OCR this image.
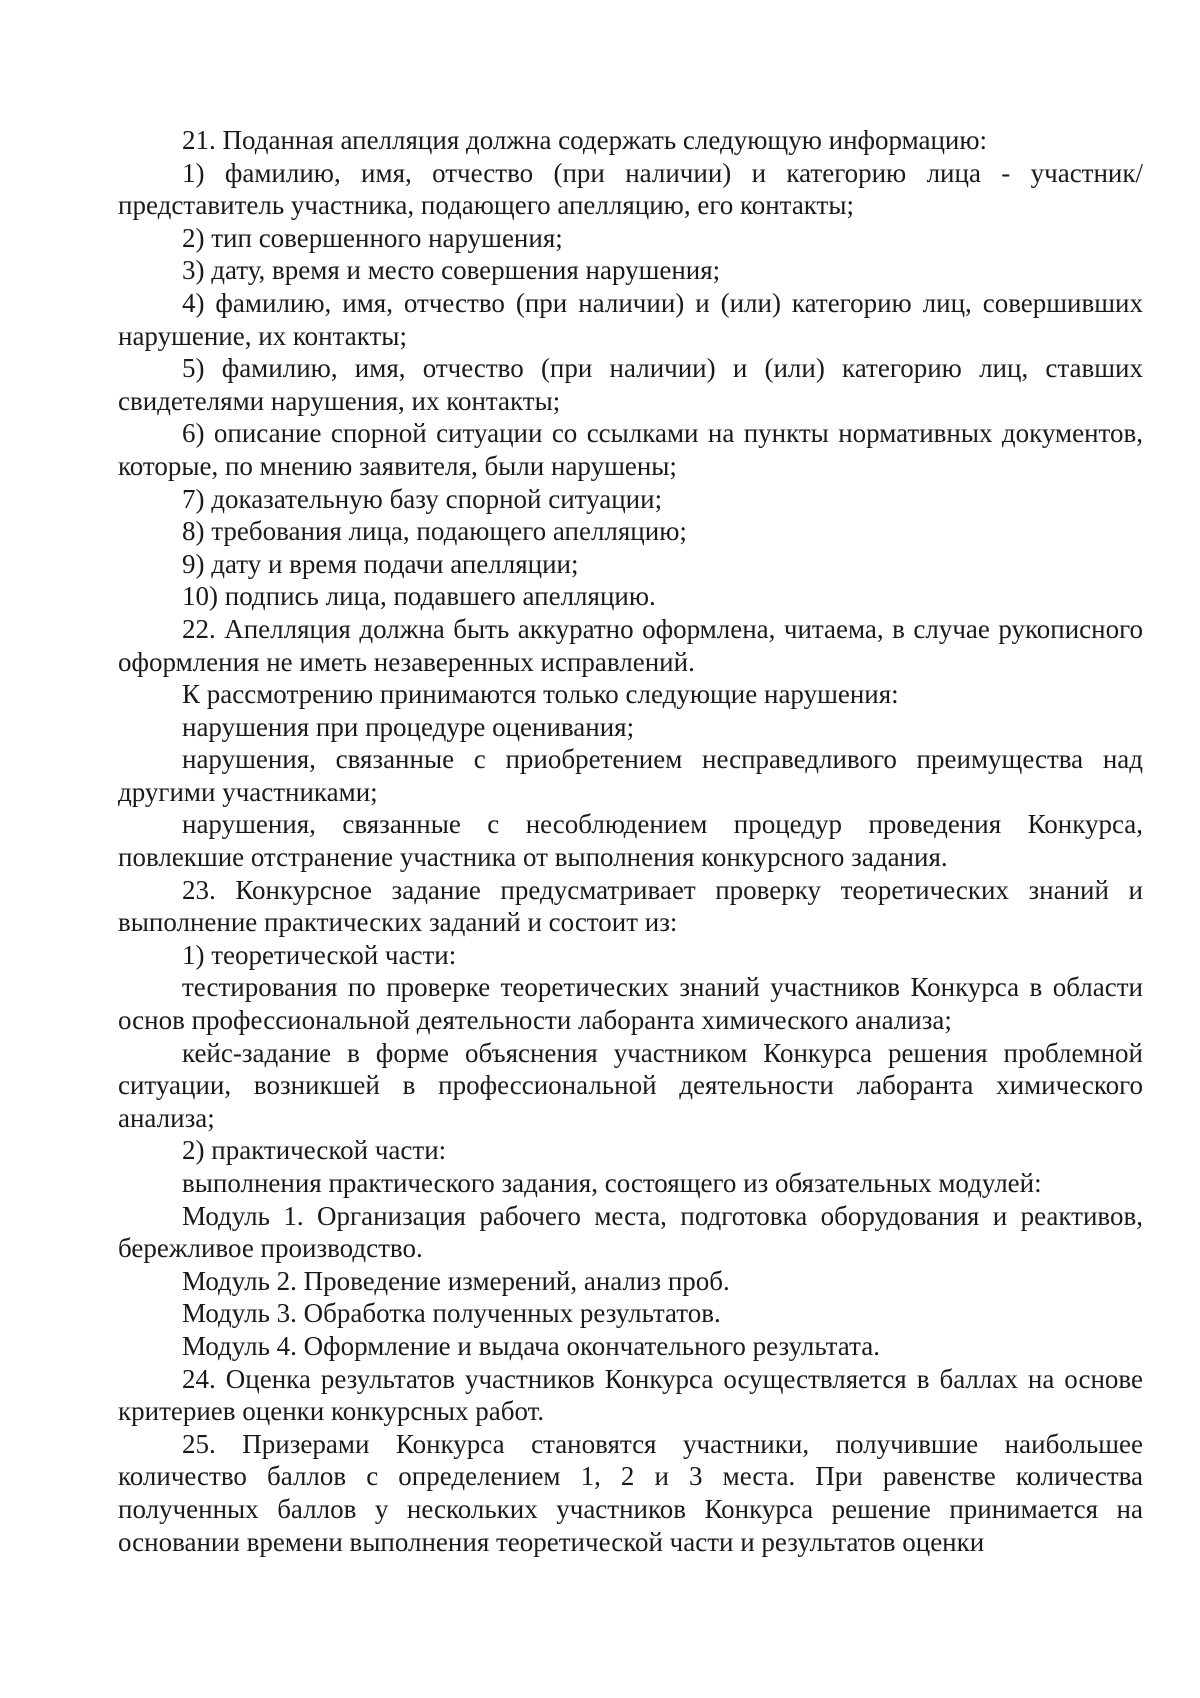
21. Поданная апелляция должна содержать следующую информацию:

1) фамилию, имя, отчество (при наличии) и категорию лица - участник/представитель участника, подающего апелляцию, его контакты;

2) тип совершенного нарушения;

3) дату, время и место совершения нарушения;

4) фамилию, имя, отчество (при наличии) и (или) категорию лиц, совершивших нарушение, их контакты;

5) фамилию, имя, отчество (при наличии) и (или) категорию лиц, ставших свидетелями нарушения, их контакты;

6) описание спорной ситуации со ссылками на пункты нормативных документов, которые, по мнению заявителя, были нарушены;

7) доказательную базу спорной ситуации;

8) требования лица, подающего апелляцию;

9) дату и время подачи апелляции;

10) подпись лица, подавшего апелляцию.

22. Апелляция должна быть аккуратно оформлена, читаема, в случае рукописного оформления не иметь незаверенных исправлений.

К рассмотрению принимаются только следующие нарушения:

нарушения при процедуре оценивания;

нарушения, связанные с приобретением несправедливого преимущества над другими участниками;

нарушения, связанные с несоблюдением процедур проведения Конкурса, повлекшие отстранение участника от выполнения конкурсного задания.

23. Конкурсное задание предусматривает проверку теоретических знаний и выполнение практических заданий и состоит из:

1) теоретической части:

тестирования по проверке теоретических знаний участников Конкурса в области основ профессиональной деятельности лаборанта химического анализа;

кейс-задание в форме объяснения участником Конкурса решения проблемной ситуации, возникшей в профессиональной деятельности лаборанта химического анализа;

2) практической части:

выполнения практического задания, состоящего из обязательных модулей:

Модуль 1. Организация рабочего места, подготовка оборудования и реактивов, бережливое производство.

Модуль 2. Проведение измерений, анализ проб.

Модуль 3. Обработка полученных результатов.

Модуль 4. Оформление и выдача окончательного результата.

24. Оценка результатов участников Конкурса осуществляется в баллах на основе критериев оценки конкурсных работ.

25. Призерами Конкурса становятся участники, получившие наибольшее количество баллов с определением 1, 2 и 3 места. При равенстве количества полученных баллов у нескольких участников Конкурса решение принимается на основании времени выполнения теоретической части и результатов оценки
